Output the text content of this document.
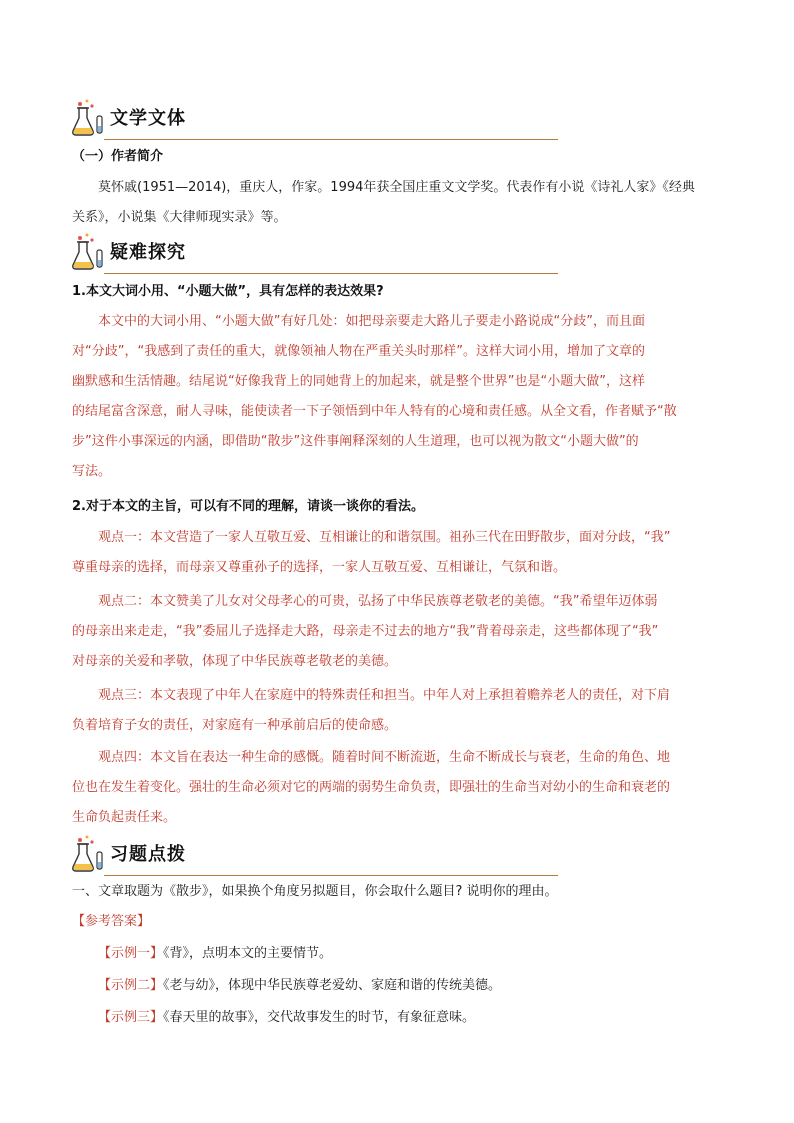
文学文体
（一）作者简介
莫怀戚(1951—2014)，重庆人，作家。1994年获全国庄重文文学奖。代表作有小说《诗礼人家》《经典
关系》，小说集《大律师现实录》等。
疑难探究
1.本文大词小用、“小题大做”，具有怎样的表达效果?
本文中的大词小用、“小题大做”有好几处：如把母亲要走大路儿子要走小路说成“分歧”，而且面
对“分歧”，“我感到了责任的重大，就像领袖人物在严重关头时那样”。这样大词小用，增加了文章的
幽默感和生活情趣。结尾说“好像我背上的同她背上的加起来，就是整个世界”也是“小题大做”，这样
的结尾富含深意，耐人寻味，能使读者一下子领悟到中年人特有的心境和责任感。从全文看，作者赋予“散
步”这件小事深远的内涵，即借助“散步”这件事阐释深刻的人生道理，也可以视为散文“小题大做”的
写法。
2.对于本文的主旨，可以有不同的理解，请谈一谈你的看法。
观点一：本文营造了一家人互敬互爱、互相谦让的和谐氛围。祖孙三代在田野散步，面对分歧，“我”
尊重母亲的选择，而母亲又尊重孙子的选择，一家人互敬互爱、互相谦让，气氛和谐。
观点二：本文赞美了儿女对父母孝心的可贵，弘扬了中华民族尊老敬老的美德。“我”希望年迈体弱
的母亲出来走走，“我”委屈儿子选择走大路，母亲走不过去的地方“我”背着母亲走，这些都体现了“我”
对母亲的关爱和孝敬，体现了中华民族尊老敬老的美德。
观点三：本文表现了中年人在家庭中的特殊责任和担当。中年人对上承担着赡养老人的责任，对下肩
负着培育子女的责任，对家庭有一种承前启后的使命感。
观点四：本文旨在表达一种生命的感慨。随着时间不断流逝，生命不断成长与衰老，生命的角色、地
位也在发生着变化。强壮的生命必须对它的两端的弱势生命负责，即强壮的生命当对幼小的生命和衰老的
生命负起责任来。
习题点拨
一、文章取题为《散步》，如果换个角度另拟题目，你会取什么题目? 说明你的理由。
【参考答案】
【示例一】《背》，点明本文的主要情节。
【示例二】《老与幼》，体现中华民族尊老爱幼、家庭和谐的传统美德。
【示例三】《春天里的故事》，交代故事发生的时节，有象征意味。
